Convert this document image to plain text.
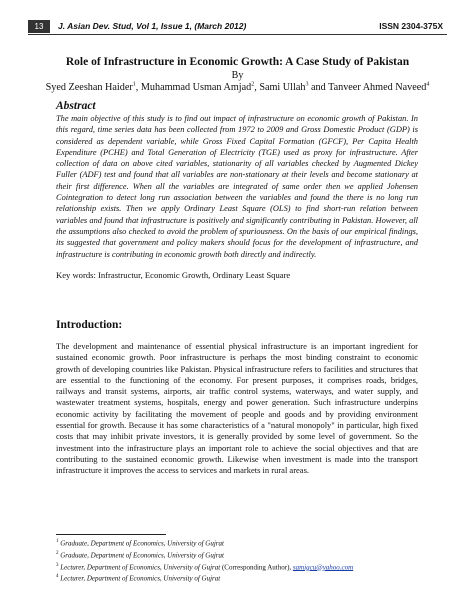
13	J. Asian Dev. Stud, Vol 1, Issue 1, (March 2012)	ISSN 2304-375X
Role of Infrastructure in Economic Growth: A Case Study of Pakistan
By
Syed Zeeshan Haider$^1$, Muhammad Usman Amjad$^2$, Sami Ullah$^3$ and Tanveer Ahmed Naveed$^4$
Abstract
The main objective of this study is to find out impact of infrastructure on economic growth of Pakistan. In this regard, time series data has been collected from 1972 to 2009 and Gross Domestic Product (GDP) is considered as dependent variable, while Gross Fixed Capital Formation (GFCF), Per Capita Health Expenditure (PCHE) and Total Generation of Electricity (TGE) used as proxy for infrastructure. After collection of data on above cited variables, stationarity of all variables checked by Augmented Dickey Fuller (ADF) test and found that all variables are non-stationary at their levels and become stationary at their first difference. When all the variables are integrated of same order then we applied Johensen Cointegration to detect long run association between the variables and found the there is no long run relationship exists. Then we apply Ordinary Least Square (OLS) to find short-run relation between variables and found that infrastructure is positively and significantly contributing in Pakistan. However, all the assumptions also checked to avoid the problem of spuriousness. On the basis of our empirical findings, its suggested that government and policy makers should focus for the development of infrastructure, and infrastructure is contributing in economic growth both directly and indirectly.
Key words: Infrastructur, Economic Growth, Ordinary Least Square
Introduction:
The development and maintenance of essential physical infrastructure is an important ingredient for sustained economic growth. Poor infrastructure is perhaps the most binding constraint to economic growth of developing countries like Pakistan. Physical infrastructure refers to facilities and structures that are essential to the functioning of the economy. For present purposes, it comprises roads, bridges, railways and transit systems, airports, air traffic control systems, waterways, and water supply, and wastewater treatment systems, hospitals, energy and power generation. Such infrastructure underpins economic activity by facilitating the movement of people and goods and by providing environment essential for growth. Because it has some characteristics of a "natural monopoly" in particular, high fixed costs that may inhibit private investors, it is generally provided by some level of government. So the investment into the infrastructure plays an important role to achieve the social objectives and that are contributing to the sustained economic growth. Likewise when investment is made into the transport infrastructure it improves the access to services and markets in rural areas.
$^1$ Graduate, Department of Economics, University of Gujrat
$^2$ Graduate, Department of Economics, University of Gujrat
$^3$ Lecturer, Department of Economics, University of Gujrat (Corresponding Author), samigcu@yahoo.com
$^4$ Lecturer, Department of Economics, University of Gujrat
